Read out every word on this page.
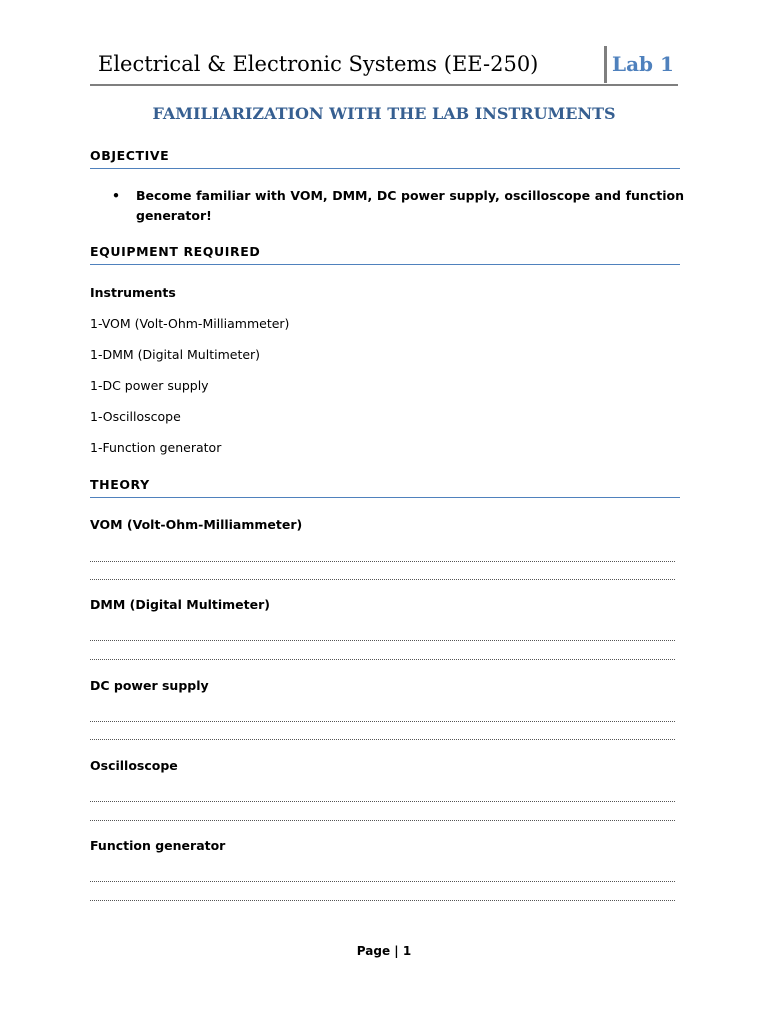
Electrical & Electronic Systems (EE-250)	Lab 1
FAMILIARIZATION WITH THE LAB INSTRUMENTS
OBJECTIVE
• Become familiar with VOM, DMM, DC power supply, oscilloscope and function generator!
EQUIPMENT REQUIRED
Instruments
1-VOM (Volt-Ohm-Milliammeter)
1-DMM (Digital Multimeter)
1-DC power supply
1-Oscilloscope
1-Function generator
THEORY
VOM (Volt-Ohm-Milliammeter)
DMM (Digital Multimeter)
DC power supply
Oscilloscope
Function generator
Page | 1
